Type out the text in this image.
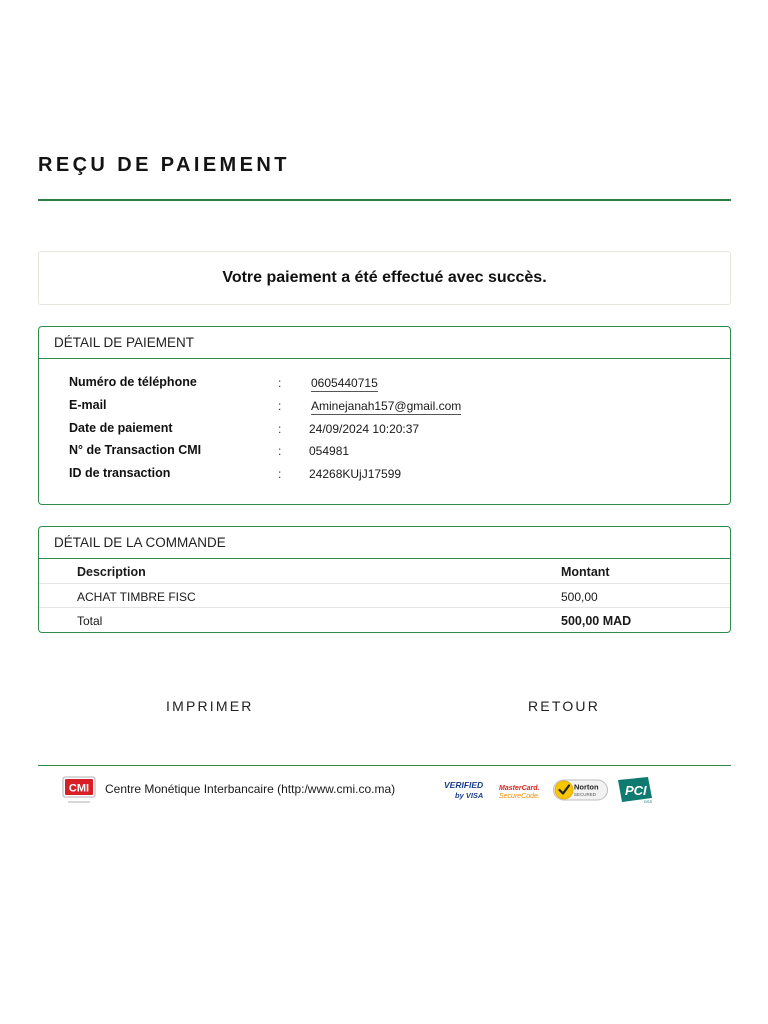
REÇU DE PAIEMENT
Votre paiement a été effectué avec succès.
DÉTAIL DE PAIEMENT
Numéro de téléphone	: 0605440715
E-mail	: Aminejanah157@gmail.com
Date de paiement	: 24/09/2024 10:20:37
N° de Transaction CMI	: 054981
ID de transaction	: 24268KUjJ17599
DÉTAIL DE LA COMMANDE
Description	Montant
ACHAT TIMBRE FISC	500,00
Total	500,00 MAD
IMPRIMER	RETOUR
CMI Centre Monétique Interbancaire (http:/www.cmi.co.ma)	VERIFIED
by VISA
MasterCard.
SecureCode.
Norton
SECURED PCI
DSS
